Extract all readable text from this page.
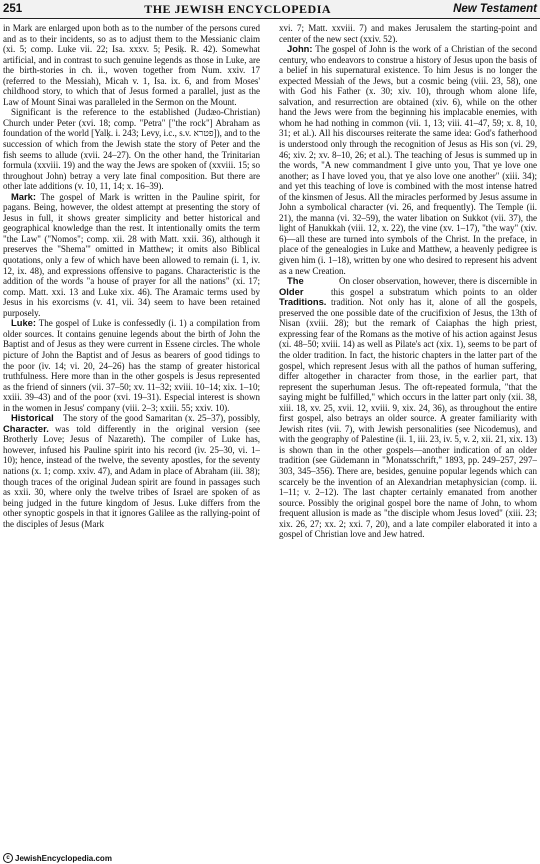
251	THE JEWISH ENCYCLOPEDIA	New Testament

in Mark are enlarged upon both as to the number of the persons cured and as to their incidents, so as to adjust them to the Messianic claim (xi. 5; comp. Luke vii. 22; Isa. xxxv. 5; Pesiḳ. R. 42). Somewhat artificial, and in contrast to such genuine legends as those in Luke, are the birth-stories in ch. ii., woven together from Num. xxiv. 17 (referred to the Messiah), Micah v. 1, Isa. ix. 6, and from Moses' childhood story, to which that of Jesus formed a parallel, just as the Law of Mount Sinai was paralleled in the Sermon on the Mount.

Significant is the reference to the established (Judæo-Christian) Church under Peter (xvi. 18; comp. "Petra" ["the rock"] Abraham as foundation of the world [Yalḳ. i. 243; Levy, i.c., s.v. פטרא]), and to the succession of which from the Jewish state the story of Peter and the fish seems to allude (xvii. 24–27). On the other hand, the Trinitarian formula (xxviii. 19) and the way the Jews are spoken of (xxviii. 15; so throughout John) betray a very late final composition. But there are other late additions (v. 10, 11, 14; x. 16–39).

Mark: The gospel of Mark is written in the Pauline spirit, for pagans. Being, however, the oldest attempt at presenting the story of Jesus in full, it shows greater simplicity and better historical and geographical knowledge than the rest. It intentionally omits the term "the Law" ("Nomos"; comp. xii. 28 with Matt. xxii. 36), although it preserves the "Shema'" omitted in Matthew; it omits also Biblical quotations, only a few of which have been allowed to remain (i. 1, iv. 12, ix. 48), and expressions offensive to pagans. Characteristic is the addition of the words "a house of prayer for all the nations" (xi. 17; comp. Matt. xxi. 13 and Luke xix. 46). The Aramaic terms used by Jesus in his exorcisms (v. 41, vii. 34) seem to have been retained purposely.

Luke: The gospel of Luke is confessedly (i. 1) a compilation from older sources. It contains genuine legends about the birth of John the Baptist and of Jesus as they were current in Essene circles. The whole picture of John the Baptist and of Jesus as bearers of good tidings to the poor (iv. 14; vi. 20, 24–26) has the stamp of greater historical truthfulness. Here more than in the other gospels is Jesus represented as the friend of sinners (vii. 37–50; xv. 11–32; xviii. 10–14; xix. 1–10; xxiii. 39–43) and of the poor (xvi. 19–31). Especial interest is shown in the women in Jesus' company (viii. 2–3; xxiii. 55; xxiv. 10).

Historical Character.
The story of the good Samaritan (x. 25–37), possibly, was told differently in the original version (see Brotherly Love; Jesus of Nazareth). The compiler of Luke has, however, infused his Pauline spirit into his record (iv. 25–30, vi. 1–10); hence, instead of the twelve, the seventy apostles, for the seventy nations (x. 1; comp. xxiv. 47), and Adam in place of Abraham (iii. 38); though traces of the original Judean spirit are found in passages such as xxii. 30, where only the twelve tribes of Israel are spoken of as being judged in the future kingdom of Jesus. Luke differs from the other synoptic gospels in that it ignores Galilee as the rallying-point of the disciples of Jesus (Mark

xvi. 7; Matt. xxviii. 7) and makes Jerusalem the starting-point and center of the new sect (xxiv. 52).

John: The gospel of John is the work of a Christian of the second century, who endeavors to construe a history of Jesus upon the basis of a belief in his supernatural existence. To him Jesus is no longer the expected Messiah of the Jews, but a cosmic being (viii. 23, 58), one with God his Father (x. 30; xiv. 10), through whom alone life, salvation, and resurrection are obtained (xiv. 6), while on the other hand the Jews were from the beginning his implacable enemies, with whom he had nothing in common (vii. 1, 13; viii. 41–47, 59; x. 8, 10, 31; et al.). All his discourses reiterate the same idea: God's fatherhood is understood only through the recognition of Jesus as His son (vi. 29, 46; xiv. 2; xv. 8–10, 26; et al.). The teaching of Jesus is summed up in the words, "A new commandment I give unto you, That ye love one another; as I have loved you, that ye also love one another" (xiii. 34); and yet this teaching of love is combined with the most intense hatred of the kinsmen of Jesus. All the miracles performed by Jesus assume in John a symbolical character (vi. 26, and frequently). The Temple (ii. 21), the manna (vi. 32–59), the water libation on Sukkot (vii. 37), the light of Ḥanukkah (viii. 12, x. 22), the vine (xv. 1–17), "the way" (xiv. 6)—all these are turned into symbols of the Christ. In the preface, in place of the genealogies in Luke and Matthew, a heavenly pedigree is given him (i. 1–18), written by one who desired to represent his advent as a new Creation.

The Older Traditions.
On closer observation, however, there is discernible in this gospel a substratum which points to an older tradition. Not only has it, alone of all the gospels, preserved the one possible date of the crucifixion of Jesus, the 13th of Nisan (xviii. 28); but the remark of Caiaphas the high priest, expressing fear of the Romans as the motive of his action against Jesus (xi. 48–50; xviii. 14) as well as Pilate's act (xix. 1), seems to be part of the older tradition. In fact, the historic chapters in the latter part of the gospel, which represent Jesus with all the pathos of human suffering, differ altogether in character from those, in the earlier part, that represent the superhuman Jesus. The oft-repeated formula, "that the saying might be fulfilled," which occurs in the latter part only (xii. 38, xiii. 18, xv. 25, xvii. 12, xviii. 9, xix. 24, 36), as throughout the entire first gospel, also betrays an older source. A greater familiarity with Jewish rites (vii. 7), with Jewish personalities (see Nicodemus), and with the geography of Palestine (ii. 1, iii. 23, iv. 5, v. 2, xii. 21, xix. 13) is shown than in the other gospels—another indication of an older tradition (see Güdemann in "Monatsschrift," 1893, pp. 249–257, 297–303, 345–356). There are, besides, genuine popular legends which can scarcely be the invention of an Alexandrian metaphysician (comp. ii. 1–11; v. 2–12). The last chapter certainly emanated from another source. Possibly the original gospel bore the name of John, to whom frequent allusion is made as "the disciple whom Jesus loved" (xiii. 23; xix. 26, 27; xx. 2; xxi. 7, 20), and a late compiler elaborated it into a gospel of Christian love and Jew hatred.

c JewishEncyclopedia.com
